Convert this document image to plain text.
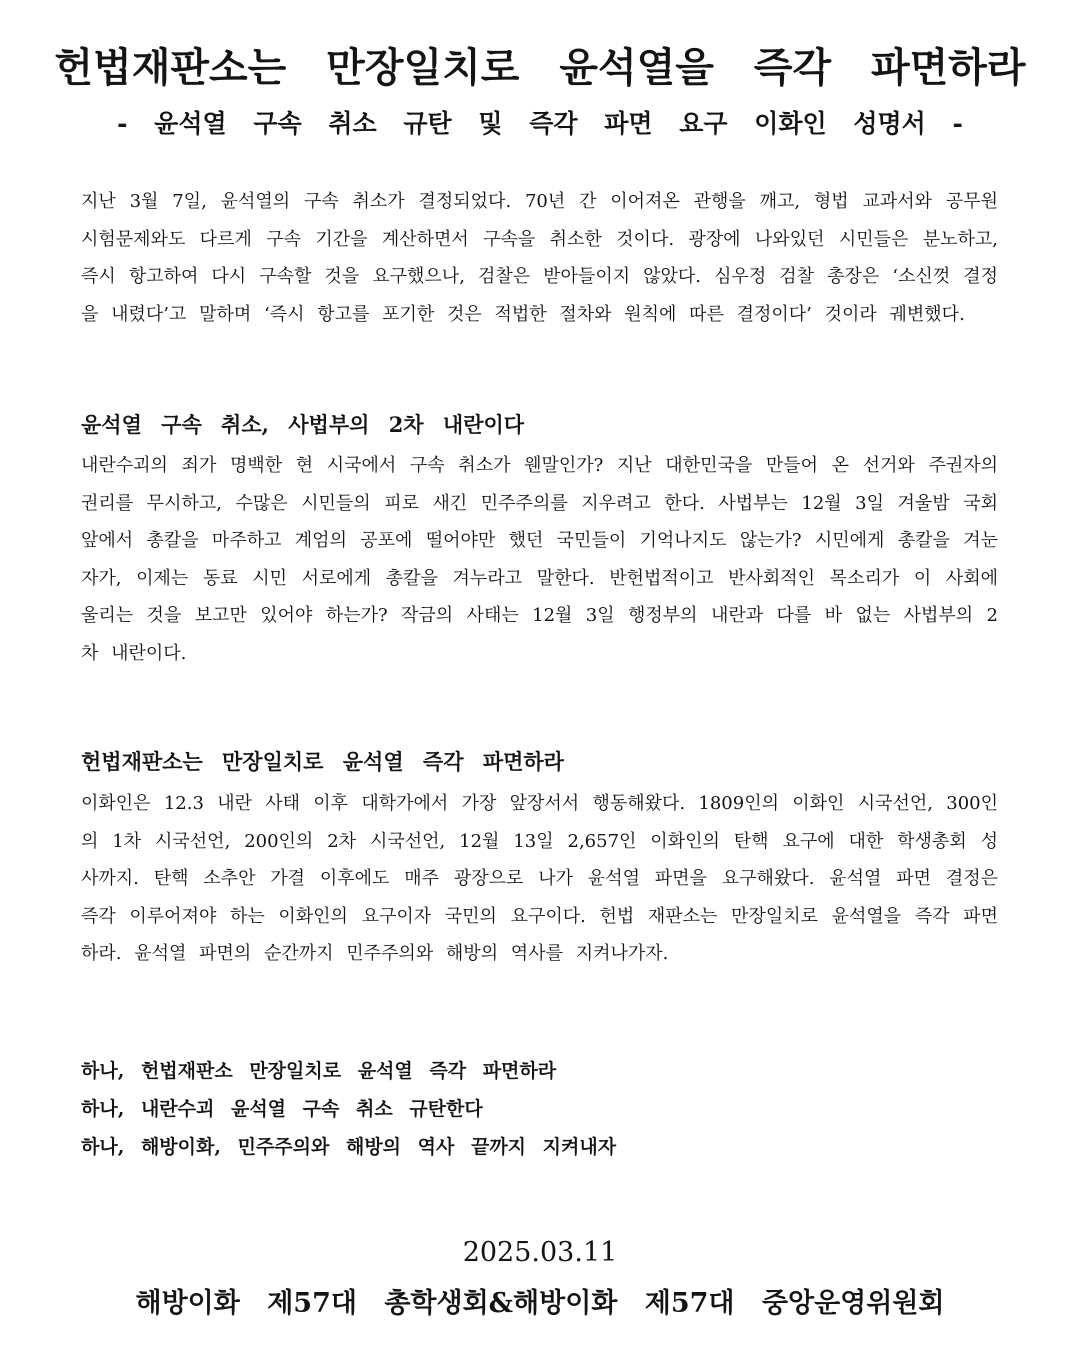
헌법재판소는 만장일치로 윤석열을 즉각 파면하라
- 윤석열 구속 취소 규탄 및 즉각 파면 요구 이화인 성명서 -

지난 3월 7일, 윤석열의 구속 취소가 결정되었다. 70년 간 이어져온 관행을 깨고, 형법 교과서와 공무원 시험문제와도 다르게 구속 기간을 계산하면서 구속을 취소한 것이다. 광장에 나와있던 시민들은 분노하고, 즉시 항고하여 다시 구속할 것을 요구했으나, 검찰은 받아들이지 않았다. 심우정 검찰 총장은 ‘소신껏 결정을 내렸다’고 말하며 ‘즉시 항고를 포기한 것은 적법한 절차와 원칙에 따른 결정이다’ 것이라 궤변했다.

윤석열 구속 취소, 사법부의 2차 내란이다

내란수괴의 죄가 명백한 현 시국에서 구속 취소가 웬말인가? 지난 대한민국을 만들어 온 선거와 주권자의 권리를 무시하고, 수많은 시민들의 피로 새긴 민주주의를 지우려고 한다. 사법부는 12월 3일 겨울밤 국회 앞에서 총칼을 마주하고 계엄의 공포에 떨어야만 했던 국민들이 기억나지도 않는가? 시민에게 총칼을 겨눈 자가, 이제는 동료 시민 서로에게 총칼을 겨누라고 말한다. 반헌법적이고 반사회적인 목소리가 이 사회에 울리는 것을 보고만 있어야 하는가? 작금의 사태는 12월 3일 행정부의 내란과 다를 바 없는 사법부의 2차 내란이다.

헌법재판소는 만장일치로 윤석열 즉각 파면하라

이화인은 12.3 내란 사태 이후 대학가에서 가장 앞장서서 행동해왔다. 1809인의 이화인 시국선언, 300인의 1차 시국선언, 200인의 2차 시국선언, 12월 13일 2,657인 이화인의 탄핵 요구에 대한 학생총회 성사까지. 탄핵 소추안 가결 이후에도 매주 광장으로 나가 윤석열 파면을 요구해왔다. 윤석열 파면 결정은 즉각 이루어져야 하는 이화인의 요구이자 국민의 요구이다. 헌법 재판소는 만장일치로 윤석열을 즉각 파면하라. 윤석열 파면의 순간까지 민주주의와 해방의 역사를 지켜나가자.

하나, 헌법재판소 만장일치로 윤석열 즉각 파면하라
하나, 내란수괴 윤석열 구속 취소 규탄한다
하나, 해방이화, 민주주의와 해방의 역사 끝까지 지켜내자

2025.03.11

해방이화 제57대 총학생회&해방이화 제57대 중앙운영위원회
